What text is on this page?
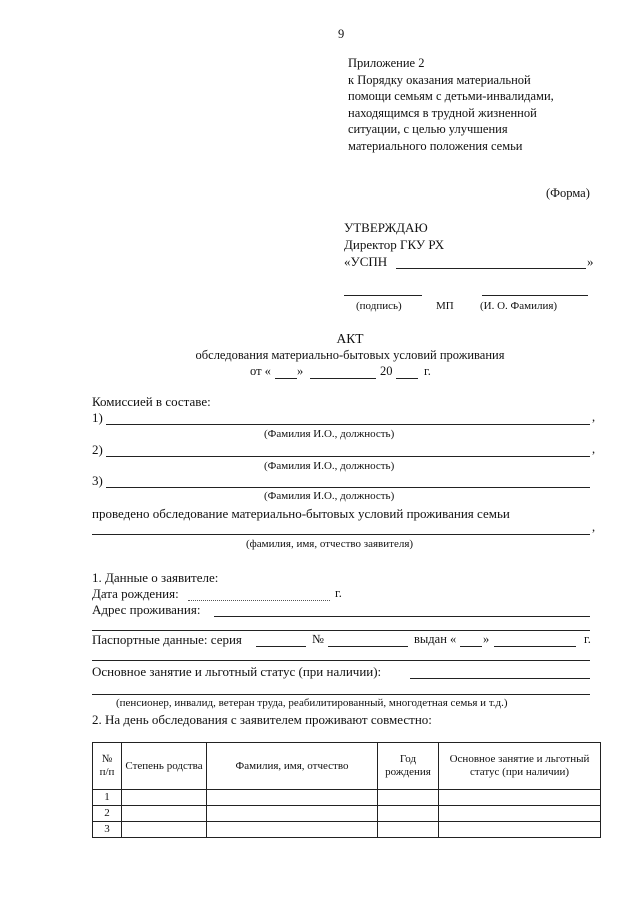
9
Приложение 2
к Порядку оказания материальной
помощи семьям с детьми-инвалидами,
находящимся в трудной жизненной
ситуации, с целью улучшения
материального положения семьи
(Форма)
УТВЕРЖДАЮ
Директор ГКУ РХ
«УСПН	»
(подпись)	МП (И. О. Фамилия)
АКТ
обследования материально-бытовых условий проживания
от « »	20	г.
Комиссией в составе:
1)	,
(Фамилия И.О., должность)
2)	,
(Фамилия И.О., должность)
3)
(Фамилия И.О., должность)
проведено обследование материально-бытовых условий проживания семьи
,
(фамилия, имя, отчество заявителя)
1. Данные о заявителе:
Дата рождения:	г.
Адрес проживания:
Паспортные данные: серия	№	выдан « »	г.
Основное занятие и льготный статус (при наличии):
(пенсионер, инвалид, ветеран труда, реабилитированный, многодетная семья и т.д.)
2. На день обследования с заявителем проживают совместно:
№ п/п	Степень родства	Фамилия, имя, отчество	Год рождения	Основное занятие и льготный статус (при наличии)
1				
2				
3				
